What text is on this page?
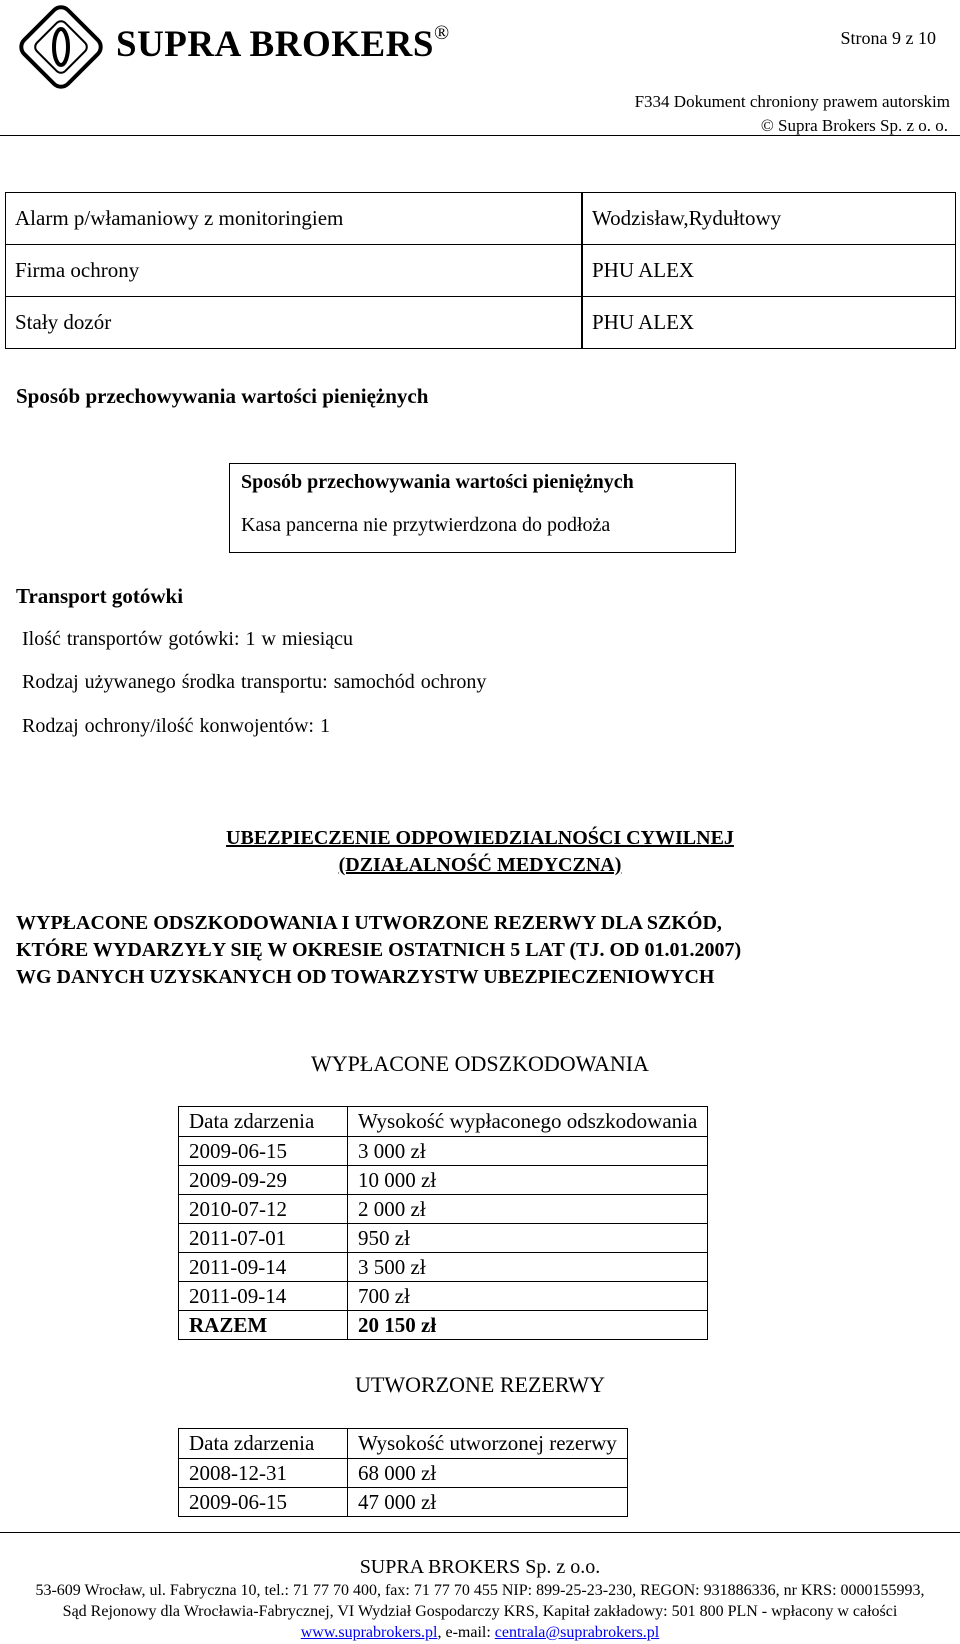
SUPRA BROKERS®	Strona 9 z 10
F334 Dokument chroniony prawem autorskim
© Supra Brokers Sp. z o. o.
Alarm p/włamaniowy z monitoringiem	Wodzisław,Rydułtowy
Firma ochrony	PHU ALEX
Stały dozór	PHU ALEX
Sposób przechowywania wartości pieniężnych
Sposób przechowywania wartości pieniężnych
Kasa pancerna nie przytwierdzona do podłoża
Transport gotówki
Ilość transportów gotówki: 1 w miesiącu
Rodzaj używanego środka transportu: samochód ochrony
Rodzaj ochrony/ilość konwojentów: 1
UBEZPIECZENIE ODPOWIEDZIALNOŚCI CYWILNEJ
(DZIAŁALNOŚĆ MEDYCZNA)
WYPŁACONE ODSZKODOWANIA I UTWORZONE REZERWY DLA SZKÓD,
KTÓRE WYDARZYŁY SIĘ W OKRESIE OSTATNICH 5 LAT (TJ. OD 01.01.2007)
WG DANYCH UZYSKANYCH OD TOWARZYSTW UBEZPIECZENIOWYCH
WYPŁACONE ODSZKODOWANIA
Data zdarzenia	Wysokość wypłaconego odszkodowania
2009-06-15	3 000 zł
2009-09-29	10 000 zł
2010-07-12	2 000 zł
2011-07-01	950 zł
2011-09-14	3 500 zł
2011-09-14	700 zł
RAZEM	20 150 zł
UTWORZONE REZERWY
Data zdarzenia	Wysokość utworzonej rezerwy
2008-12-31	68 000 zł
2009-06-15	47 000 zł
SUPRA BROKERS Sp. z o.o.
53-609 Wrocław, ul. Fabryczna 10, tel.: 71 77 70 400, fax: 71 77 70 455 NIP: 899-25-23-230, REGON: 931886336, nr KRS: 0000155993,
Sąd Rejonowy dla Wrocławia-Fabrycznej, VI Wydział Gospodarczy KRS, Kapitał zakładowy: 501 800 PLN - wpłacony w całości
www.suprabrokers.pl, e-mail: centrala@suprabrokers.pl
